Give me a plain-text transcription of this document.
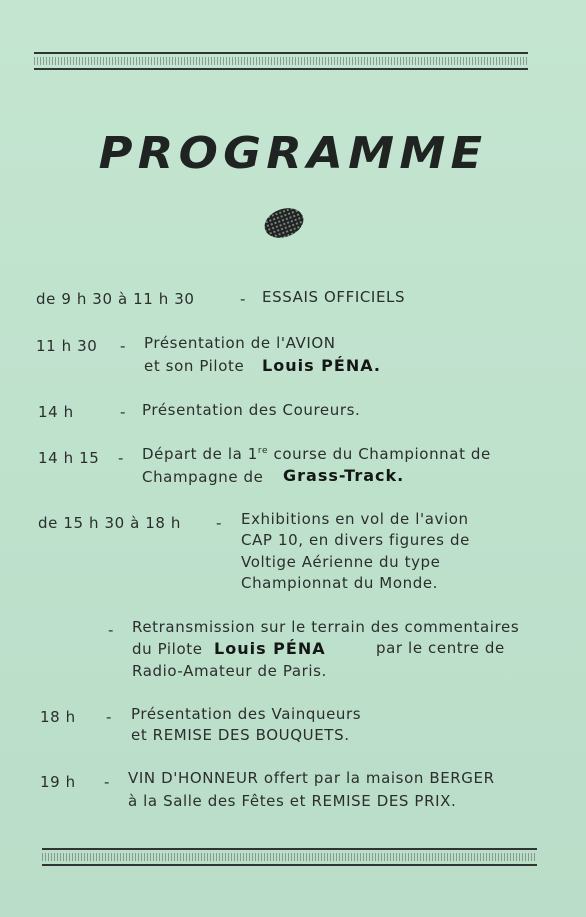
PROGRAMME
de 9 h 30 à 11 h 30	- ESSAIS OFFICIELS
11 h 30 - Présentation de l'AVION
et son Pilote Louis PÉNA.
14 h	- Présentation des Coureurs.
14 h 15 - Départ de la 1re course du Championnat de
Champagne de Grass-Track.
de 15 h 30 à 18 h - Exhibitions en vol de l'avion
CAP 10, en divers figures de
Voltige Aérienne du type
Championnat du Monde.
- Retransmission sur le terrain des commentaires
du Pilote Louis PÉNA	par le centre de
Radio-Amateur de Paris.
18 h - Présentation des Vainqueurs
et REMISE DES BOUQUETS.
19 h - VIN D'HONNEUR offert par la maison BERGER
à la Salle des Fêtes et REMISE DES PRIX.
